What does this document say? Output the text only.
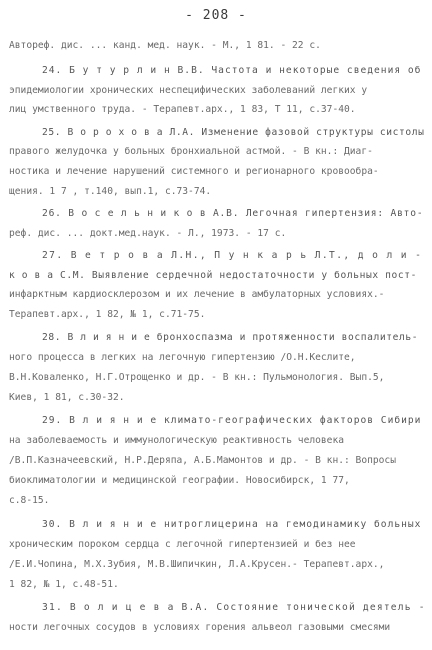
- 208 -
Автореф. дис. ... канд. мед. наук. - М., 1 81. - 22 с.
24. Б у т у р л и н В.В. Частота и некоторые сведения об
эпидемиологии хронических неспецифических заболеваний легких у
лиц умственного труда. - Терапевт.арх., 1 83, Т 11, с.37-40.
25. В о р о х о в а Л.А. Изменение фазовой структуры систолы
правого желудочка у больных бронхиальной астмой. - В кн.: Диаг-
ностика и лечение нарушений системного и регионарного кровообра-
щения. 1 7 , т.140, вып.1, с.73-74.
26. В о с е л ь н и к о в А.В. Легочная гипертензия: Авто-
реф. дис. ... докт.мед.наук. - Л., 1973. - 17 с.
27. В е т р о в а Л.Н., П у н к а р ь Л.Т., д о л и -
к о в а С.М. Выявление сердечной недостаточности у больных пост-
инфарктным кардиосклерозом и их лечение в амбулаторных условиях.-
Терапевт.арх., 1 82, № 1, с.71-75.
28. В л и я н и е бронхоспазма и протяженности воспалитель-
ного процесса в легких на легочную гипертензию /О.Н.Кеслите,
В.Н.Коваленко, Н.Г.Отрощенко и др. - В кн.: Пульмонология. Вып.5,
Киев, 1 81, с.30-32.
29. В л и я н и е климато-географических факторов Сибири
на заболеваемость и иммунологическую реактивность человека
/В.П.Казначеевский, Н.Р.Деряпа, А.Б.Мамонтов и др. - В кн.: Вопросы
биоклиматологии и медицинской географии. Новосибирск, 1 77,
с.8-15.
30. В л и я н и е нитроглицерина на гемодинамику больных
хроническим пороком сердца с легочной гипертензией и без нее
/Е.И.Чопина, М.Х.Зубия, М.В.Шипичкин, Л.А.Крусен.- Терапевт.арх.,
1 82, № 1, с.48-51.
31. В о л и ц е в а В.А. Состояние тонической деятель -
ности легочных сосудов в условиях горения альвеол газовыми смесями
